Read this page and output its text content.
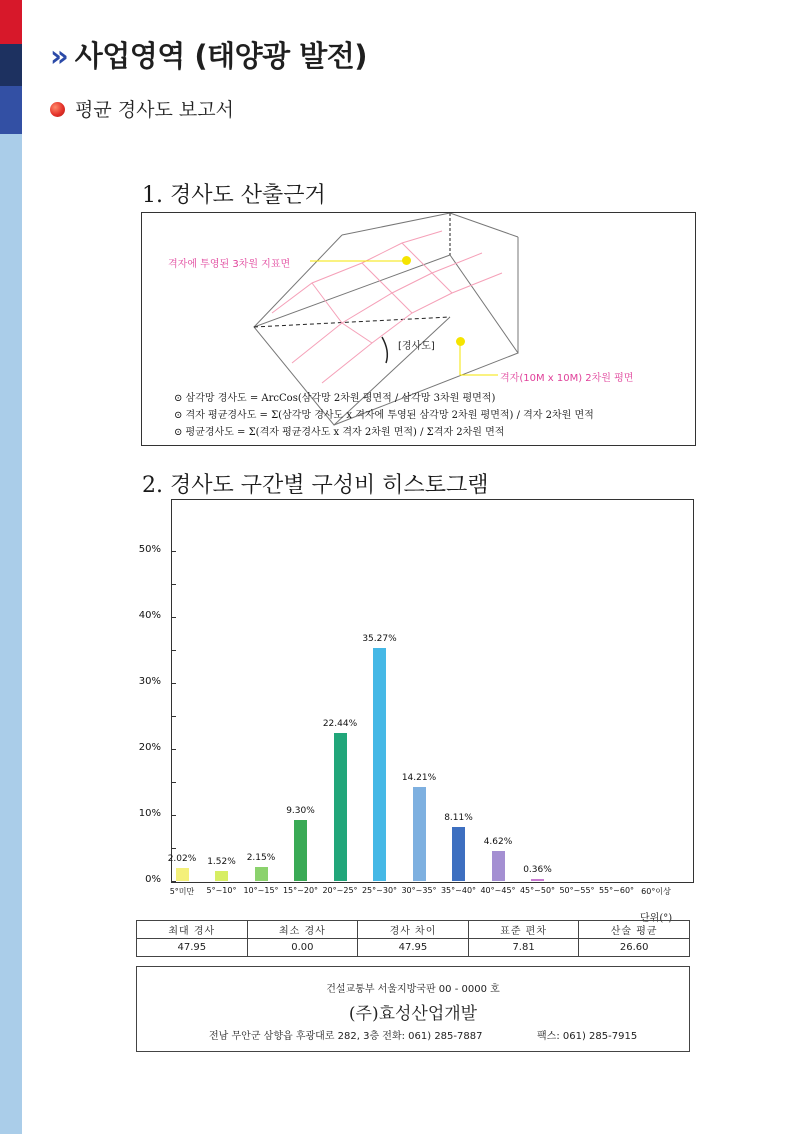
» 사업영역 (태양광 발전)
평균 경사도 보고서
1. 경사도 산출근거
격자에 투영된 3차원 지표면
[경사도]
격자(10M x 10M) 2차원 평면
⊙ 삼각망 경사도 = ArcCos(삼각망 2차원 평면적 / 삼각망 3차원 평면적)
⊙ 격자 평균경사도 = Σ(삼각망 경사도 x 격자에 투영된 삼각망 2차원 평면적) / 격자 2차원 면적
⊙ 평균경사도 = Σ(격자 평균경사도 x 격자 2차원 면적) / Σ격자 2차원 면적
2. 경사도 구간별 구성비 히스토그램
0%
10%
20%
30%
40%
50%
2.02%
5°미만
1.52%
5°~10°
2.15%
10°~15°
9.30%
15°~20°
22.44%
20°~25°
35.27%
25°~30°
14.21%
30°~35°
8.11%
35°~40°
4.62%
40°~45°
0.36%
45°~50° 50°~55° 55°~60° 60°이상
단위(°)
최대 경사	최소 경사	경사 차이	표준 편차	산술 평균
47.95	0.00	47.95	7.81	26.60
건설교통부 서울지방국판 00 - 0000 호
(주)효성산업개발
전남 무안군 삼향읍 후광대로 282, 3층 전화: 061) 285-7887	팩스: 061) 285-7915
